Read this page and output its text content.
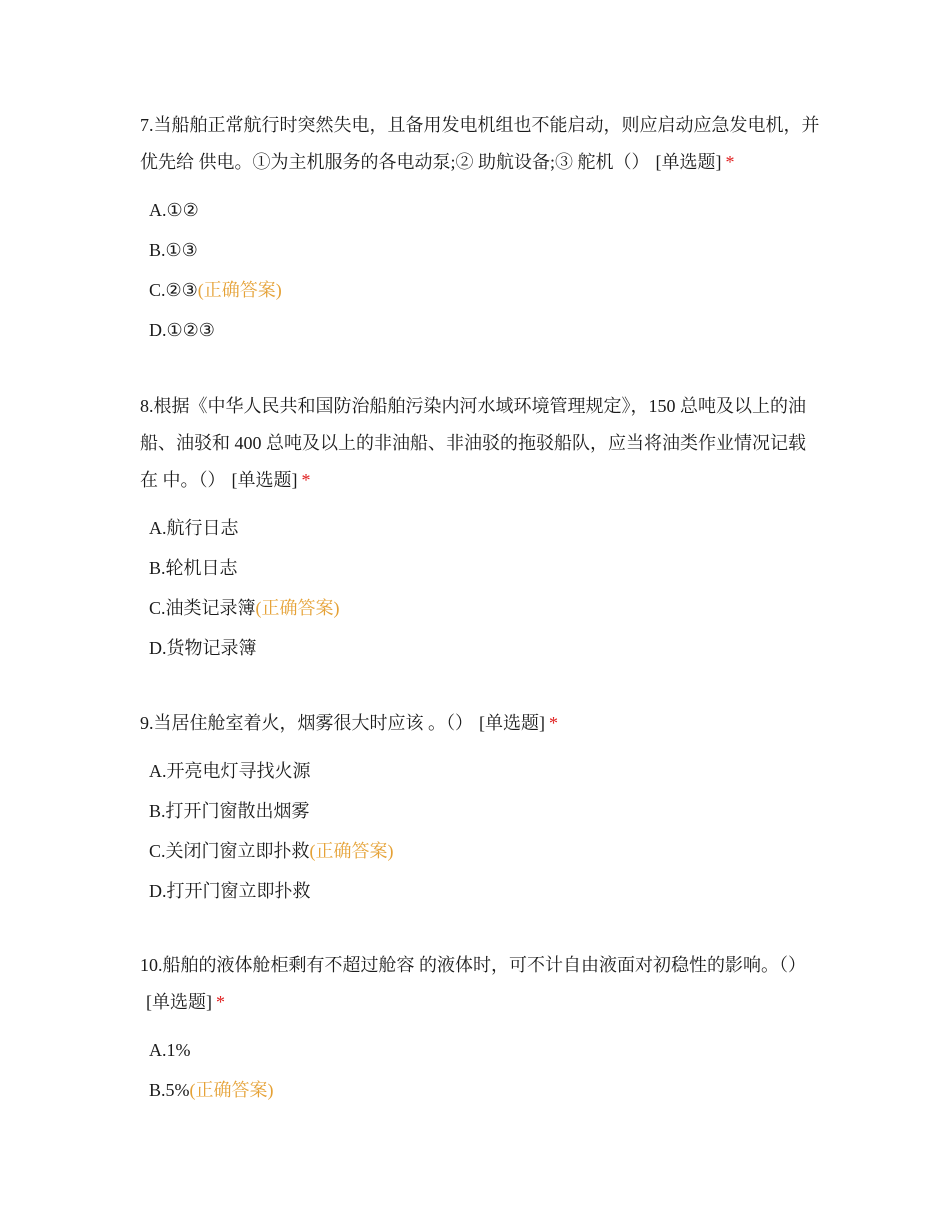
7.当船舶正常航行时突然失电，且备用发电机组也不能启动，则应启动应急发电机，并优先给 供电。①为主机服务的各电动泵;② 助航设备;③ 舵机（） [单选题] *

A.①②
B.①③
C.②③(正确答案)
D.①②③

8.根据《中华人民共和国防治船舶污染内河水域环境管理规定》，150 总吨及以上的油船、油驳和 400 总吨及以上的非油船、非油驳的拖驳船队，应当将油类作业情况记载在 中。（） [单选题] *

A.航行日志
B.轮机日志
C.油类记录簿(正确答案)
D.货物记录簿

9.当居住舱室着火，烟雾很大时应该 。（） [单选题] *

A.开亮电灯寻找火源
B.打开门窗散出烟雾
C.关闭门窗立即扑救(正确答案)
D.打开门窗立即扑救

10.船舶的液体舱柜剩有不超过舱容 的液体时，可不计自由液面对初稳性的影响。（）[单选题] *

A.1%
B.5%(正确答案)
